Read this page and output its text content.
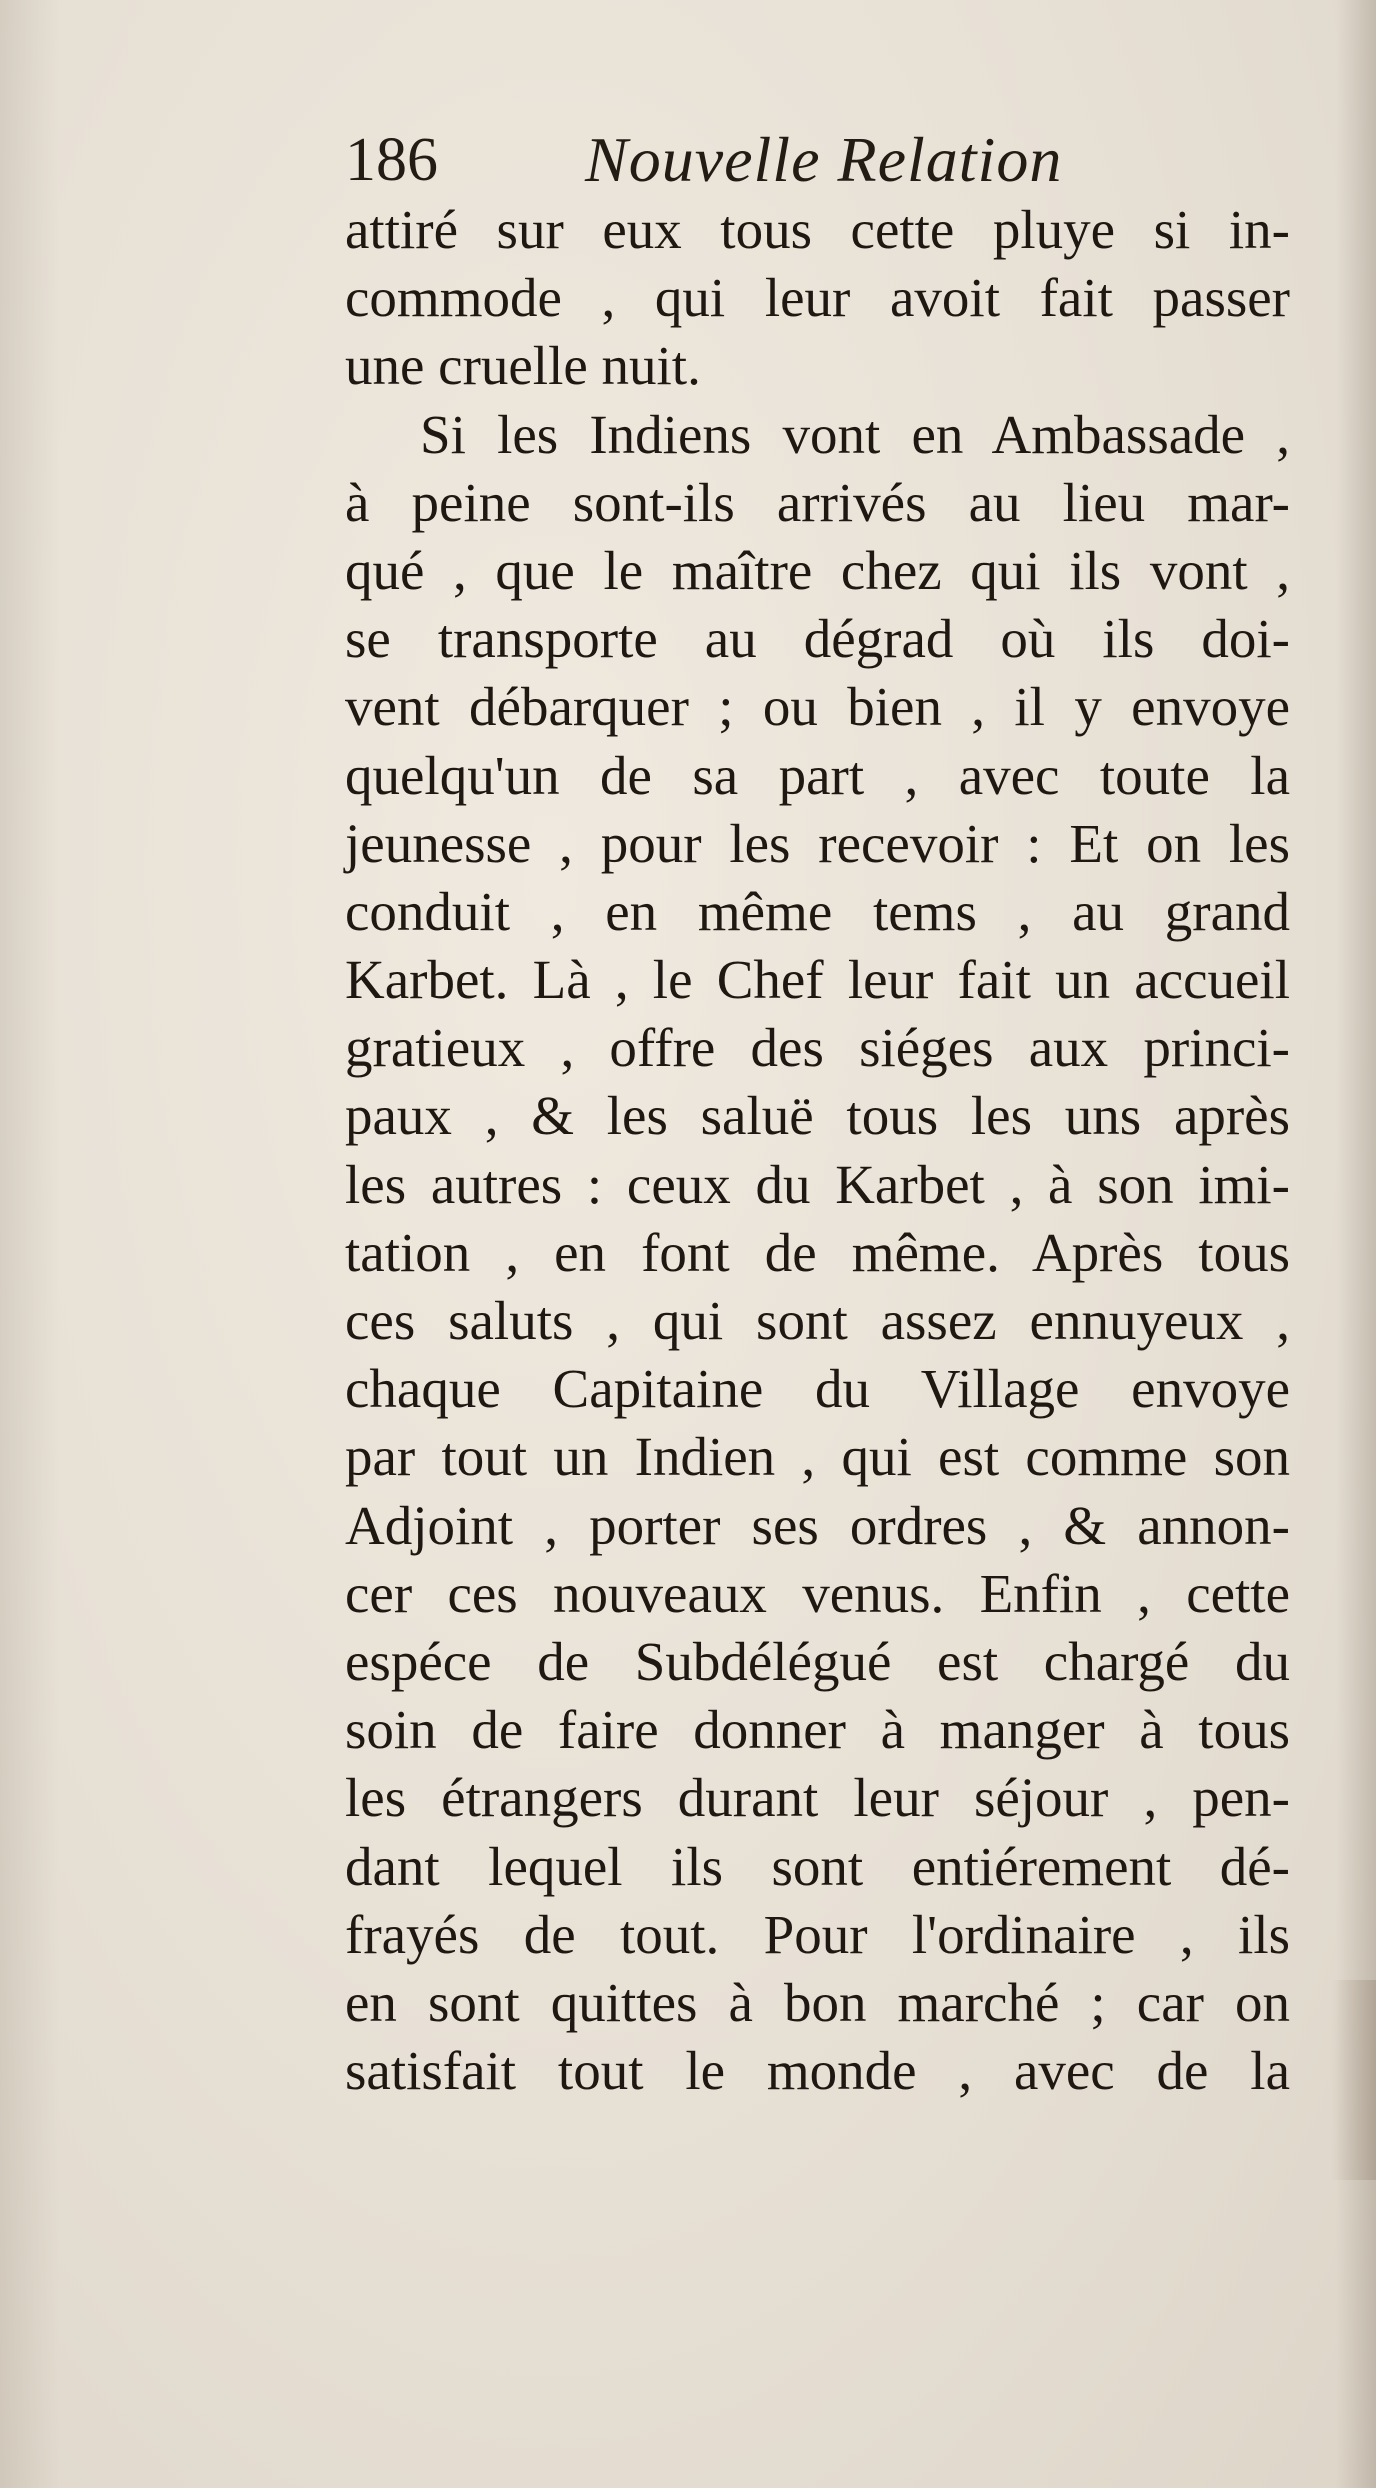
186 Nouvelle Relation
attiré sur eux tous cette pluye si in-
commode , qui leur avoit fait passer
une cruelle nuit.
Si les Indiens vont en Ambassade ,
à peine sont-ils arrivés au lieu mar-
qué , que le maître chez qui ils vont ,
se transporte au dégrad où ils doi-
vent débarquer ; ou bien , il y envoye
quelqu'un de sa part , avec toute la
jeunesse , pour les recevoir : Et on les
conduit , en même tems , au grand
Karbet. Là , le Chef leur fait un accueil
gratieux , offre des siéges aux princi-
paux , & les saluë tous les uns après
les autres : ceux du Karbet , à son imi-
tation , en font de même. Après tous
ces saluts , qui sont assez ennuyeux ,
chaque Capitaine du Village envoye
par tout un Indien , qui est comme son
Adjoint , porter ses ordres , & annon-
cer ces nouveaux venus. Enfin , cette
espéce de Subdélégué est chargé du
soin de faire donner à manger à tous
les étrangers durant leur séjour , pen-
dant lequel ils sont entiérement dé-
frayés de tout. Pour l'ordinaire , ils
en sont quittes à bon marché ; car on
satisfait tout le monde , avec de la
